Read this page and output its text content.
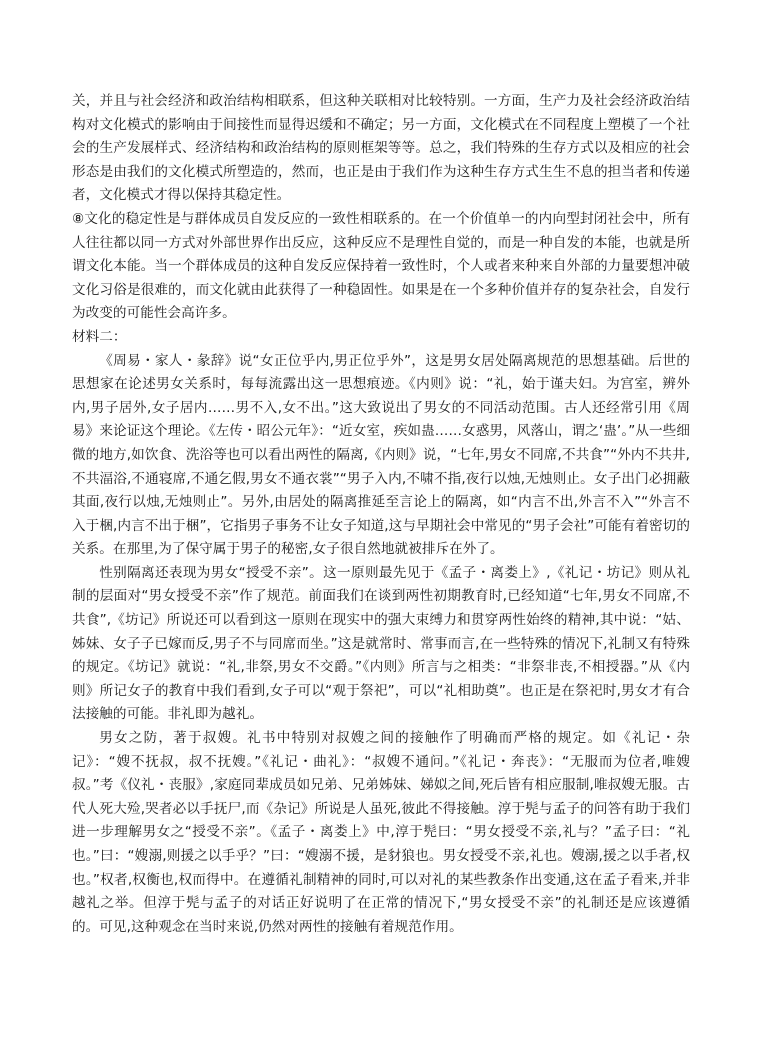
关，并且与社会经济和政治结构相联系，但这种关联相对比较特别。一方面，生产力及社会经济政治结构对文化模式的影响由于间接性而显得迟缓和不确定；另一方面，文化模式在不同程度上塑模了一个社会的生产发展样式、经济结构和政治结构的原则框架等等。总之，我们特殊的生存方式以及相应的社会形态是由我们的文化模式所塑造的，然而，也正是由于我们作为这种生存方式生生不息的担当者和传递者，文化模式才得以保持其稳定性。

⑧文化的稳定性是与群体成员自发反应的一致性相联系的。在一个价值单一的内向型封闭社会中，所有人往往都以同一方式对外部世界作出反应，这种反应不是理性自觉的，而是一种自发的本能，也就是所谓文化本能。当一个群体成员的这种自发反应保持着一致性时，个人或者来种来自外部的力量要想冲破文化习俗是很难的，而文化就由此获得了一种稳固性。如果是在一个多种价值并存的复杂社会，自发行为改变的可能性会高许多。

材料二：

《周易・家人・彖辞》说“女正位乎内,男正位乎外”，这是男女居处隔离规范的思想基础。后世的思想家在论述男女关系时，每每流露出这一思想痕迹。《内则》说：“礼，始于谨夫妇。为宫室，辨外内,男子居外,女子居内……男不入,女不出。”这大致说出了男女的不同活动范围。古人还经常引用《周易》来论证这个理论。《左传・昭公元年》：“近女室，疾如蛊……女惑男，风落山，谓之‘蛊’。”从一些细微的地方,如饮食、洗浴等也可以看出两性的隔离,《内则》说，“七年,男女不同席,不共食”“外内不共井,不共湢浴,不通寝席,不通乞假,男女不通衣裳”“男子入内,不啸不指,夜行以烛,无烛则止。女子出门必拥蔽其面,夜行以烛,无烛则止”。另外,由居处的隔离推延至言论上的隔离，如“内言不出,外言不入”“外言不入于梱,内言不出于梱”，它指男子事务不让女子知道,这与早期社会中常见的“男子会社”可能有着密切的关系。在那里,为了保守属于男子的秘密,女子很自然地就被排斥在外了。

性别隔离还表现为男女“授受不亲”。这一原则最先见于《孟子・离娄上》,《礼记・坊记》则从礼制的层面对“男女授受不亲”作了规范。前面我们在谈到两性初期教育时,已经知道“七年,男女不同席,不共食”,《坊记》所说还可以看到这一原则在现实中的强大束缚力和贯穿两性始终的精神,其中说：“姑、姊妹、女子子已嫁而反,男子不与同席而坐。”这是就常时、常事而言,在一些特殊的情况下,礼制又有特殊的规定。《坊记》就说：“礼,非祭,男女不交爵。”《内则》所言与之相类：“非祭非丧,不相授器。”从《内则》所记女子的教育中我们看到,女子可以“观于祭祀”，可以“礼相助奠”。也正是在祭祀时,男女才有合法接触的可能。非礼即为越礼。

男女之防，著于叔嫂。礼书中特别对叔嫂之间的接触作了明确而严格的规定。如《礼记・杂记》：“嫂不抚叔，叔不抚嫂。”《礼记・曲礼》：“叔嫂不通问。”《礼记・奔丧》：“无服而为位者,唯嫂叔。”考《仪礼・丧服》,家庭同辈成员如兄弟、兄弟姊妹、娣姒之间,死后皆有相应服制,唯叔嫂无服。古代人死大殓,哭者必以手抚尸,而《杂记》所说是人虽死,彼此不得接触。淳于髡与孟子的问答有助于我们进一步理解男女之“授受不亲”。《孟子・离娄上》中,淳于髡曰：“男女授受不亲,礼与？”孟子曰：“礼也。”曰：“嫂溺,则援之以手乎？”曰：“嫂溺不援，是豺狼也。男女授受不亲,礼也。嫂溺,援之以手者,权也。”权者,权衡也,权而得中。在遵循礼制精神的同时,可以对礼的某些教条作出变通,这在孟子看来,并非越礼之举。但淳于髡与孟子的对话正好说明了在正常的情况下,“男女授受不亲”的礼制还是应该遵循的。可见,这种观念在当时来说,仍然对两性的接触有着规范作用。
